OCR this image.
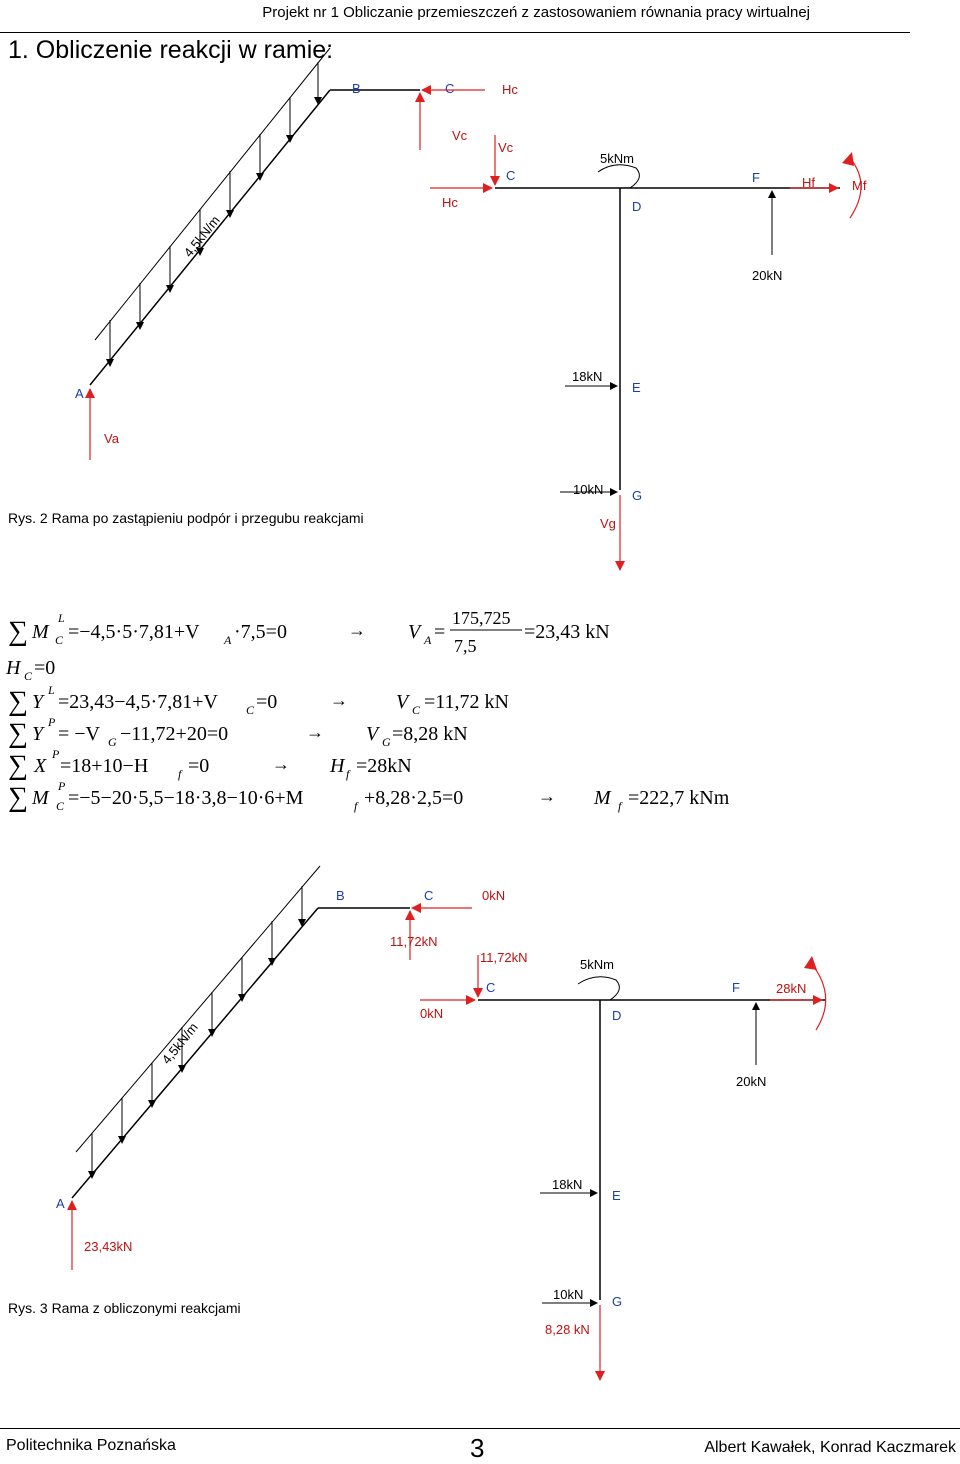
Projekt nr 1 Obliczanie przemieszczeń z zastosowaniem równania pracy wirtualnej
1. Obliczenie reakcji w ramie:
4,5kN/m
B	C
C
D
F
A	E
G
Hc
Vc
Vc
Hc
5kNm
20kN
Hf	Mf
18kN
Va
10kN
Vg
Rys. 2 Rama po zastąpieniu podpór i przegubu reakcjami
∑ M
L
C =−4,5·5·7,81+V A ·7,5=0	→ V A =
175,725
7,5
=23,43 kN
H C =0
∑ Y
L
=23,43−4,5·7,81+V C =0	→ V C =11,72 kN
∑ Y
P
= −V G −11,72+20=0	→ V G =8,28 kN
∑ X
P
=18+10−H f =0	→ H f =28kN
∑ M
P
C =−5−20·5,5−18·3,8−10·6+M	f +8,28·2,5=0	→ M f =222,7 kNm
4,5kN/m
B	C
C
D
F
A
E
G
0kN
11,72kN
11,72kN
0kN
5kNm
20kN
28kN
18kN
23,43kN
10kN
8,28 kN
Rys. 3 Rama z obliczonymi reakcjami
Politechnika Poznańska	3	Albert Kawałek, Konrad Kaczmarek
